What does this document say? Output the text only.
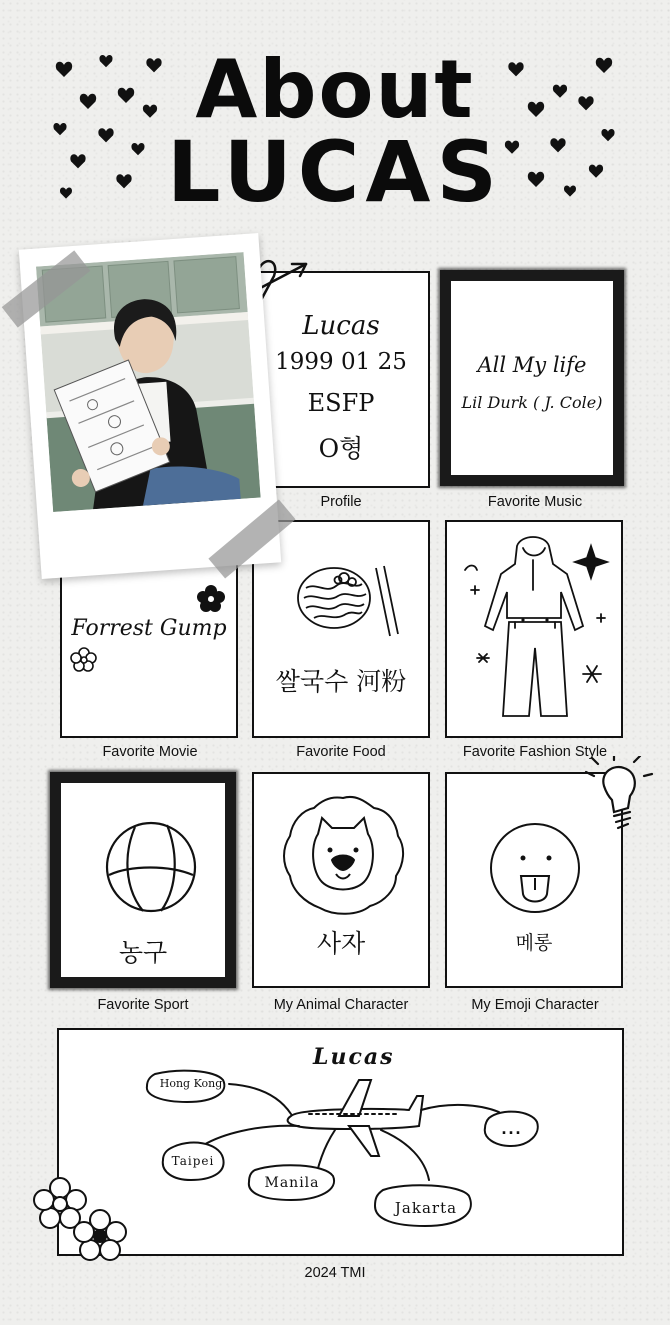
About
LUCAS
Lucas
1999 01 25
ESFP
O형
Profile
All My life
Lil Durk ( J. Cole)
Favorite Music
Forrest Gump
Favorite Movie
쌀국수 河粉
Favorite Food	Favorite Fashion Style
농구
Favorite Sport
사자
My Animal Character
메롱
My Emoji Character
Lucas
Hong Kong
Taipei
Manila
Jakarta
...
2024 TMI
